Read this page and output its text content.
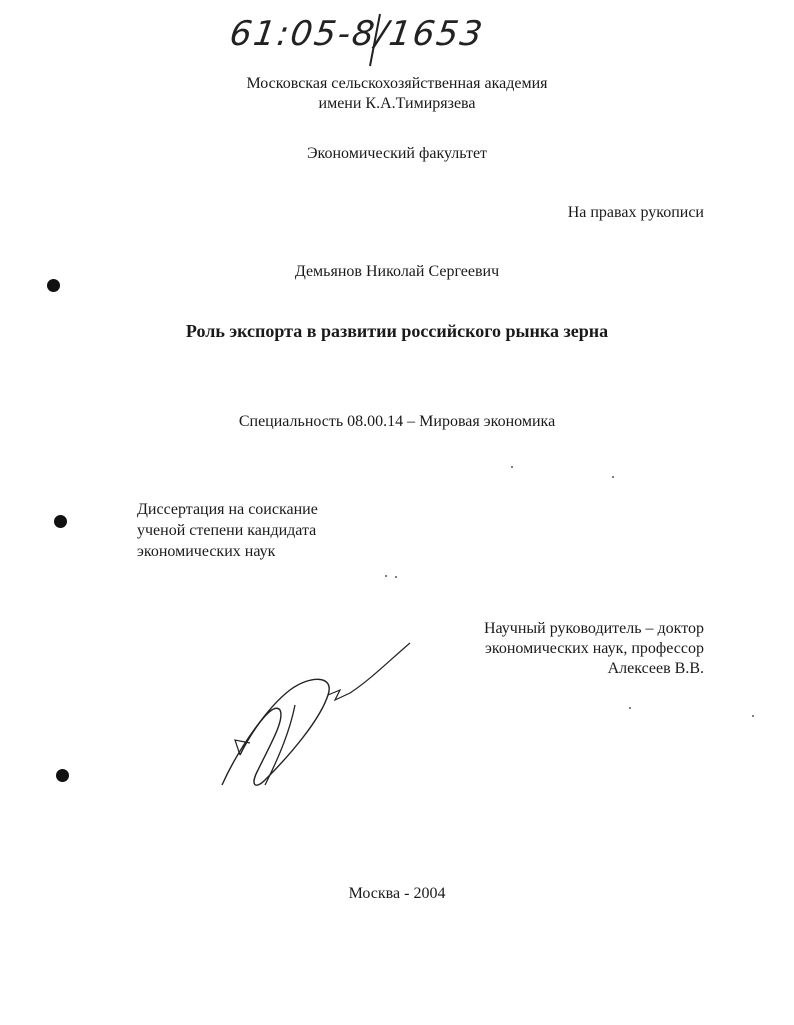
61:05-8/1653
Московская сельскохозяйственная академия
имени К.А.Тимирязева
Экономический факультет
На правах рукописи
Демьянов Николай Сергеевич
Роль экспорта в развитии российского рынка зерна
Специальность 08.00.14 – Мировая экономика
Диссертация на соискание
ученой степени кандидата
экономических наук
Научный руководитель – доктор
экономических наук, профессор
Алексеев В.В.
Москва - 2004
